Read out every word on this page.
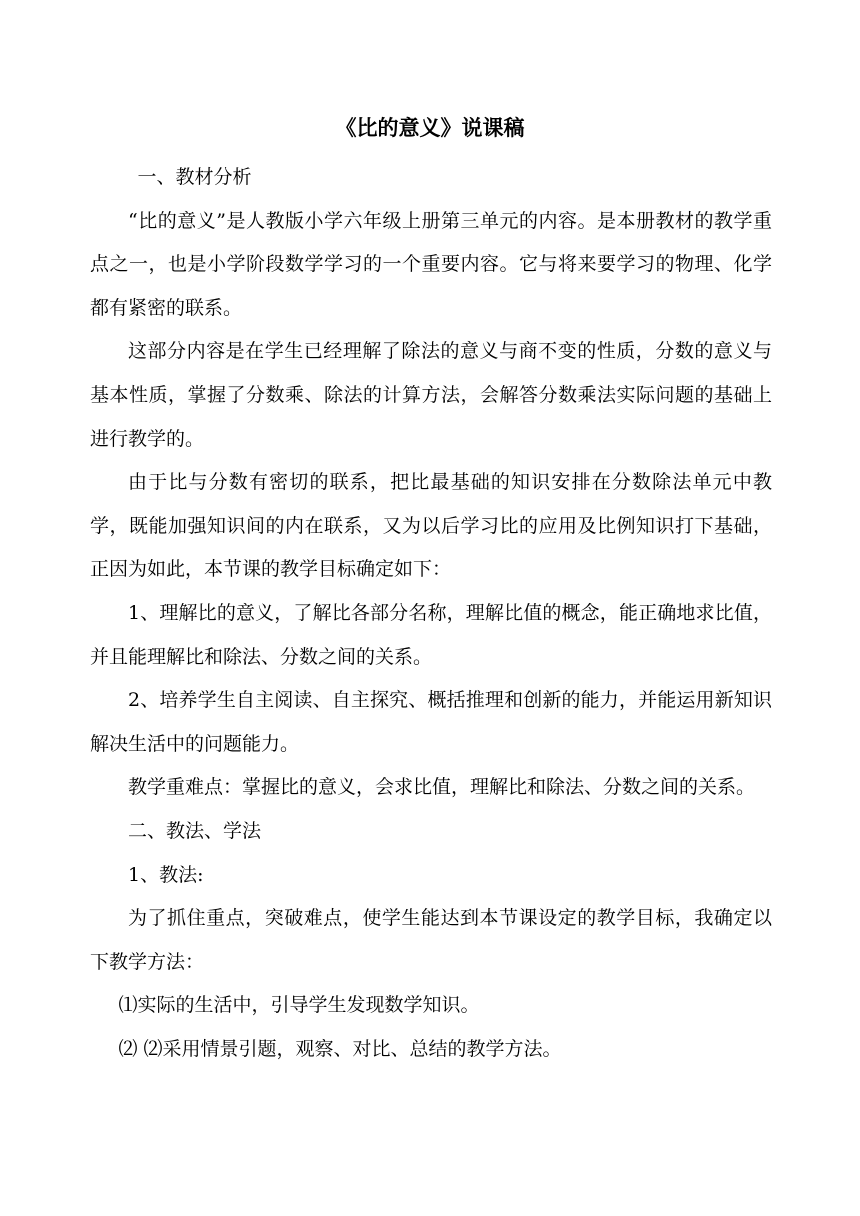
《比的意义》说课稿

一、教材分析

“比的意义”是人教版小学六年级上册第三单元的内容。是本册教材的教学重点之一，也是小学阶段数学学习的一个重要内容。它与将来要学习的物理、化学都有紧密的联系。

这部分内容是在学生已经理解了除法的意义与商不变的性质，分数的意义与基本性质，掌握了分数乘、除法的计算方法，会解答分数乘法实际问题的基础上进行教学的。

由于比与分数有密切的联系，把比最基础的知识安排在分数除法单元中教学，既能加强知识间的内在联系，又为以后学习比的应用及比例知识打下基础，正因为如此，本节课的教学目标确定如下：

1、理解比的意义，了解比各部分名称，理解比值的概念，能正确地求比值，并且能理解比和除法、分数之间的关系。

2、培养学生自主阅读、自主探究、概括推理和创新的能力，并能运用新知识解决生活中的问题能力。

教学重难点：掌握比的意义，会求比值，理解比和除法、分数之间的关系。

二、教法、学法

1、教法:

为了抓住重点，突破难点，使学生能达到本节课设定的教学目标，我确定以下教学方法：

⑴实际的生活中，引导学生发现数学知识。

⑵ ⑵采用情景引题，观察、对比、总结的教学方法。
